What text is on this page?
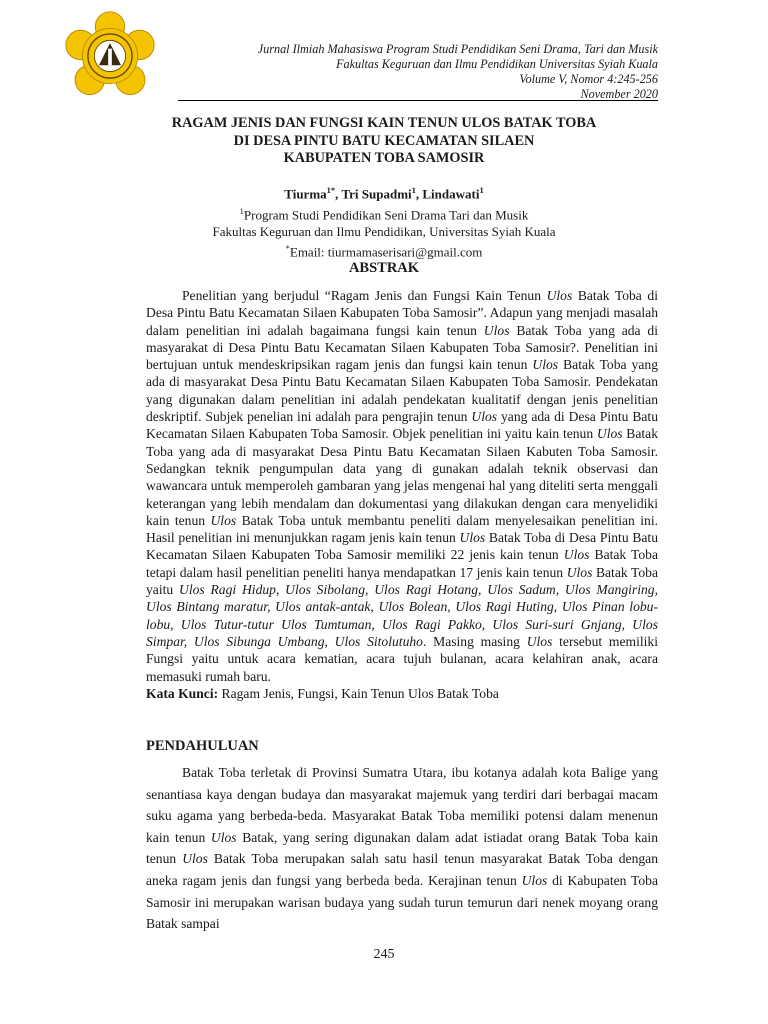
Jurnal Ilmiah Mahasiswa Program Studi Pendidikan Seni Drama, Tari dan Musik
Fakultas Keguruan dan Ilmu Pendidikan Universitas Syiah Kuala
Volume V, Nomor 4:245-256
November 2020
RAGAM JENIS DAN FUNGSI KAIN TENUN ULOS BATAK TOBA
DI DESA PINTU BATU KECAMATAN SILAEN
KABUPATEN TOBA SAMOSIR
Tiurma$^{1*}$, Tri Supadmi$^1$, Lindawati$^1$
$^1$Program Studi Pendidikan Seni Drama Tari dan Musik
Fakultas Keguruan dan Ilmu Pendidikan, Universitas Syiah Kuala
*Email: tiurmamaserisari@gmail.com
ABSTRAK

Penelitian yang berjudul “Ragam Jenis dan Fungsi Kain Tenun Ulos Batak Toba di Desa Pintu Batu Kecamatan Silaen Kabupaten Toba Samosir”. Adapun yang menjadi masalah dalam penelitian ini adalah bagaimana fungsi kain tenun Ulos Batak Toba yang ada di masyarakat di Desa Pintu Batu Kecamatan Silaen Kabupaten Toba Samosir?. Penelitian ini bertujuan untuk mendeskripsikan ragam jenis dan fungsi kain tenun Ulos Batak Toba yang ada di masyarakat Desa Pintu Batu Kecamatan Silaen Kabupaten Toba Samosir. Pendekatan yang digunakan dalam penelitian ini adalah pendekatan kualitatif dengan jenis penelitian deskriptif. Subjek penelian ini adalah para pengrajin tenun Ulos yang ada di Desa Pintu Batu Kecamatan Silaen Kabupaten Toba Samosir. Objek penelitian ini yaitu kain tenun Ulos Batak Toba yang ada di masyarakat Desa Pintu Batu Kecamatan Silaen Kabuten Toba Samosir. Sedangkan teknik pengumpulan data yang di gunakan adalah teknik observasi dan wawancara untuk memperoleh gambaran yang jelas mengenai hal yang diteliti serta menggali keterangan yang lebih mendalam dan dokumentasi yang dilakukan dengan cara menyelidiki kain tenun Ulos Batak Toba untuk membantu peneliti dalam menyelesaikan penelitian ini. Hasil penelitian ini menunjukkan ragam jenis kain tenun Ulos Batak Toba di Desa Pintu Batu Kecamatan Silaen Kabupaten Toba Samosir memiliki 22 jenis kain tenun Ulos Batak Toba tetapi dalam hasil penelitian peneliti hanya mendapatkan 17 jenis kain tenun Ulos Batak Toba yaitu Ulos Ragi Hidup, Ulos Sibolang, Ulos Ragi Hotang, Ulos Sadum, Ulos Mangiring, Ulos Bintang maratur, Ulos antak-antak, Ulos Bolean, Ulos Ragi Huting, Ulos Pinan lobu-lobu, Ulos Tutur-tutur Ulos Tumtuman, Ulos Ragi Pakko, Ulos Suri-suri Gnjang, Ulos Simpar, Ulos Sibunga Umbang, Ulos Sitolutuho. Masing masing Ulos tersebut memiliki Fungsi yaitu untuk acara kematian, acara tujuh bulanan, acara kelahiran anak, acara memasuki rumah baru.

Kata Kunci: Ragam Jenis, Fungsi, Kain Tenun Ulos Batak Toba
PENDAHULUAN

Batak Toba terletak di Provinsi Sumatra Utara, ibu kotanya adalah kota Balige yang senantiasa kaya dengan budaya dan masyarakat majemuk yang terdiri dari berbagai macam suku agama yang berbeda-beda. Masyarakat Batak Toba memiliki potensi dalam menenun kain tenun Ulos Batak, yang sering digunakan dalam adat istiadat orang Batak Toba kain tenun Ulos Batak Toba merupakan salah satu hasil tenun masyarakat Batak Toba dengan aneka ragam jenis dan fungsi yang berbeda beda. Kerajinan tenun Ulos di Kabupaten Toba Samosir ini merupakan warisan budaya yang sudah turun temurun dari nenek moyang orang Batak sampai

245
